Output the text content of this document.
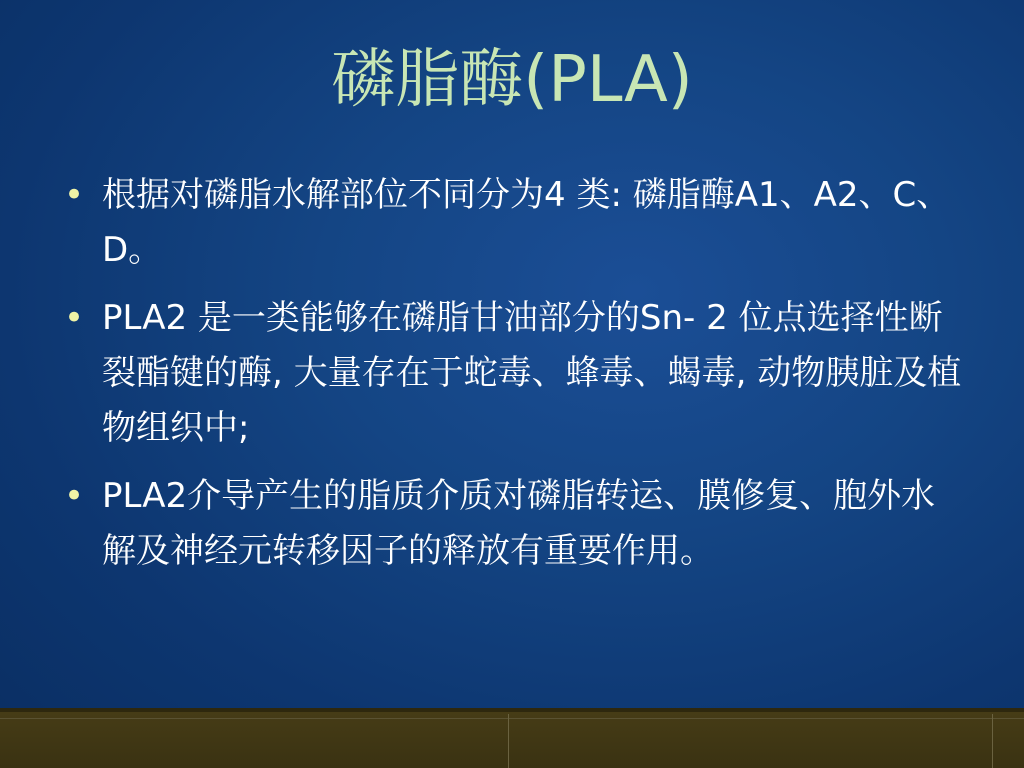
磷脂酶(PLA)
• 根据对磷脂水解部位不同分为4 类: 磷脂酶A1、A2、C、D。
• PLA2 是一类能够在磷脂甘油部分的Sn- 2 位点选择性断裂酯键的酶, 大量存在于蛇毒、蜂毒、蝎毒, 动物胰脏及植物组织中;
• PLA2介导产生的脂质介质对磷脂转运、膜修复、胞外水解及神经元转移因子的释放有重要作用。
